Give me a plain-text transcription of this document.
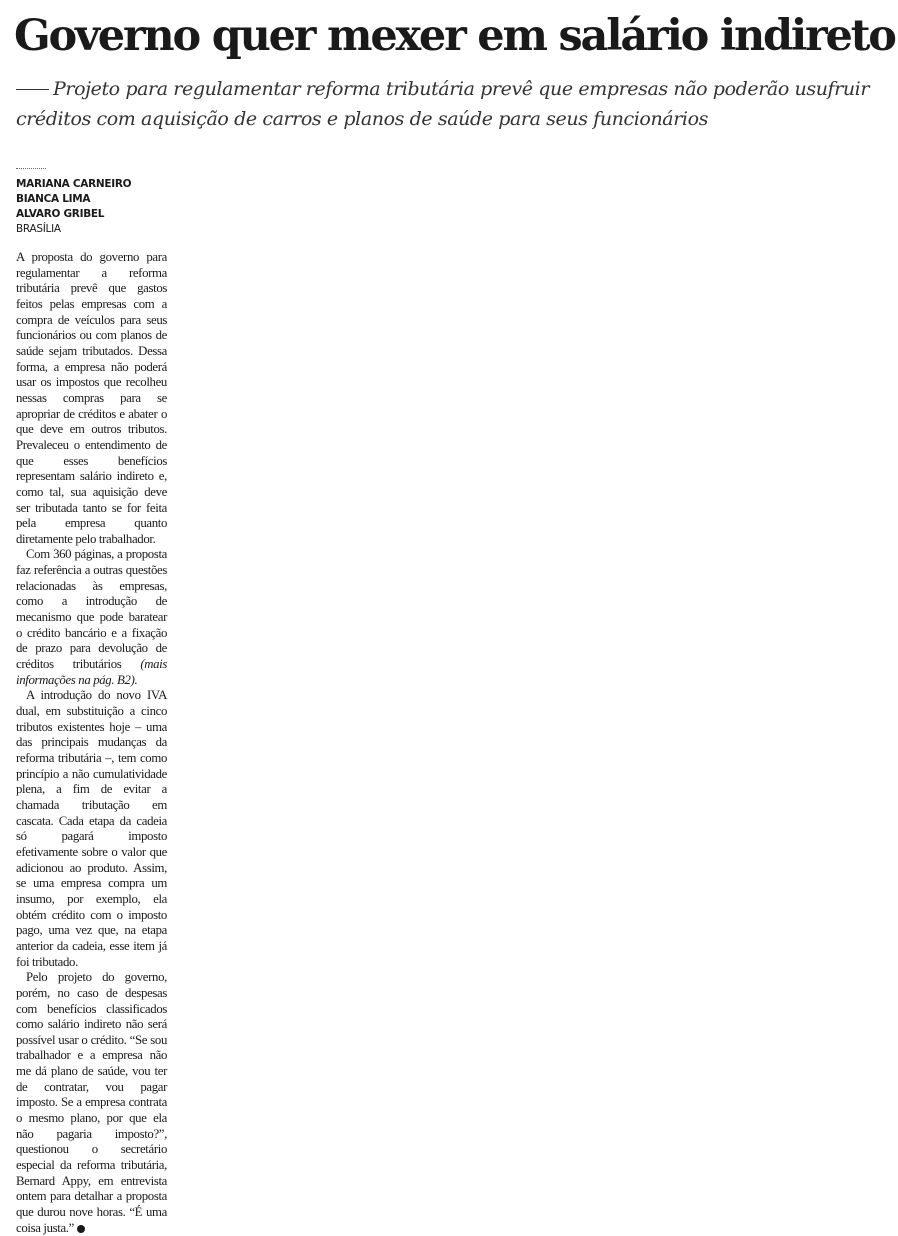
Governo quer mexer em salário indireto
Projeto para regulamentar reforma tributária prevê que empresas não poderão usufruir créditos com aquisição de carros e planos de saúde para seus funcionários
MARIANA CARNEIRO
BIANCA LIMA
ALVARO GRIBEL
BRASÍLIA

A proposta do governo para regulamentar a reforma tributária prevê que gastos feitos pelas empresas com a compra de veículos para seus funcionários ou com planos de saúde sejam tributados. Dessa forma, a empresa não poderá usar os impostos que recolheu nessas compras para se apropriar de créditos e abater o que deve em outros tributos. Prevaleceu o entendimento de que esses benefícios representam salário indireto e, como tal, sua aquisição deve ser tributada tanto se for feita pela empresa quanto diretamente pelo trabalhador.

Com 360 páginas, a proposta faz referência a outras questões relacionadas às empresas, como a introdução de mecanismo que pode baratear o crédito bancário e a fixação de prazo para devolução de créditos tributários (mais informações na pág. B2).

A introdução do novo IVA dual, em substituição a cinco tributos existentes hoje – uma das principais mudanças da reforma tributária –, tem como princípio a não cumulatividade plena, a fim de evitar a chamada tributação em cascata. Cada etapa da cadeia só pagará imposto efetivamente sobre o valor que adicionou ao produto. Assim, se uma empresa compra um insumo, por exemplo, ela obtém crédito com o imposto pago, uma vez que, na etapa anterior da cadeia, esse item já foi tributado.

Pelo projeto do governo, porém, no caso de despesas com benefícios classificados como salário indireto não será possível usar o crédito. “Se sou trabalhador e a empresa não me dá plano de saúde, vou ter de contratar, vou pagar imposto. Se a empresa contrata o mesmo plano, por que ela não pagaria imposto?”, questionou o secretário especial da reforma tributária, Bernard Appy, em entrevista ontem para detalhar a proposta que durou nove horas. “É uma coisa justa.”
